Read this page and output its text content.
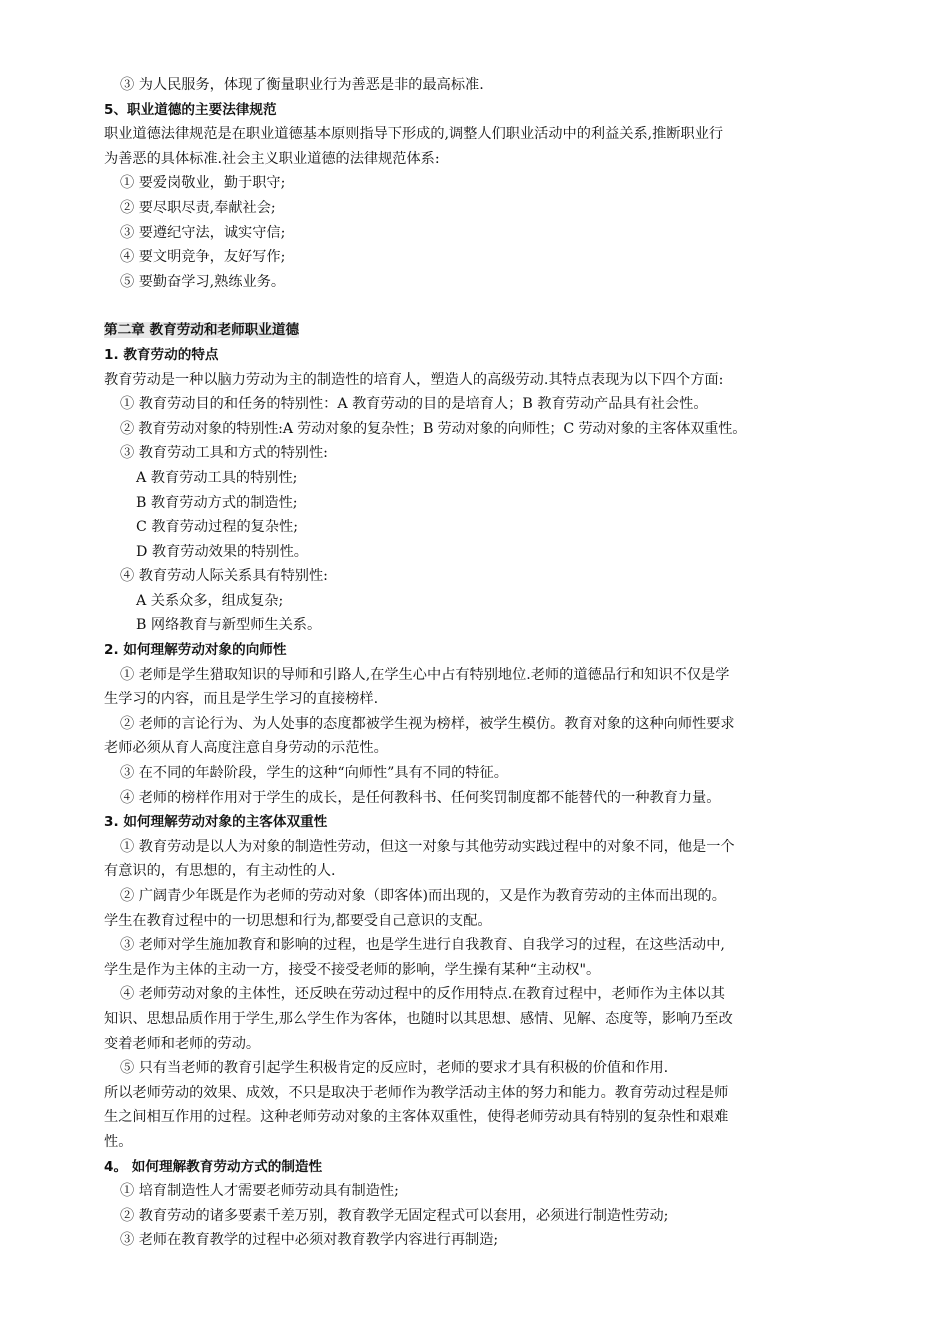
③ 为人民服务，体现了衡量职业行为善恶是非的最高标准.

5、职业道德的主要法律规范

职业道德法律规范是在职业道德基本原则指导下形成的,调整人们职业活动中的利益关系,推断职业行

为善恶的具体标准.社会主义职业道德的法律规范体系:

① 要爱岗敬业，勤于职守;

② 要尽职尽责,奉献社会;

③ 要遵纪守法，诚实守信;

④ 要文明竞争，友好写作;

⑤ 要勤奋学习,熟练业务。

第二章 教育劳动和老师职业道德

1. 教育劳动的特点

教育劳动是一种以脑力劳动为主的制造性的培育人，塑造人的高级劳动.其特点表现为以下四个方面:

① 教育劳动目的和任务的特别性：A 教育劳动的目的是培育人；B 教育劳动产品具有社会性。

② 教育劳动对象的特别性:A 劳动对象的复杂性；B 劳动对象的向师性；C 劳动对象的主客体双重性。

③ 教育劳动工具和方式的特别性:

A 教育劳动工具的特别性;

B 教育劳动方式的制造性;

C 教育劳动过程的复杂性;

D 教育劳动效果的特别性。

④ 教育劳动人际关系具有特别性:

A 关系众多，组成复杂;

B 网络教育与新型师生关系。

2. 如何理解劳动对象的向师性

① 老师是学生猎取知识的导师和引路人,在学生心中占有特别地位.老师的道德品行和知识不仅是学

生学习的内容，而且是学生学习的直接榜样.

② 老师的言论行为、为人处事的态度都被学生视为榜样，被学生模仿。教育对象的这种向师性要求

老师必须从育人高度注意自身劳动的示范性。

③ 在不同的年龄阶段，学生的这种“向师性”具有不同的特征。

④ 老师的榜样作用对于学生的成长，是任何教科书、任何奖罚制度都不能替代的一种教育力量。

3. 如何理解劳动对象的主客体双重性

① 教育劳动是以人为对象的制造性劳动，但这一对象与其他劳动实践过程中的对象不同，他是一个

有意识的，有思想的，有主动性的人.

② 广阔青少年既是作为老师的劳动对象（即客体)而出现的，又是作为教育劳动的主体而出现的。

学生在教育过程中的一切思想和行为,都要受自己意识的支配。

③ 老师对学生施加教育和影响的过程，也是学生进行自我教育、自我学习的过程，在这些活动中,

学生是作为主体的主动一方，接受不接受老师的影响，学生操有某种“主动权"。

④ 老师劳动对象的主体性，还反映在劳动过程中的反作用特点.在教育过程中，老师作为主体以其

知识、思想品质作用于学生,那么学生作为客体，也随时以其思想、感情、见解、态度等，影响乃至改

变着老师和老师的劳动。

⑤ 只有当老师的教育引起学生积极肯定的反应时，老师的要求才具有积极的价值和作用.

所以老师劳动的效果、成效，不只是取决于老师作为教学活动主体的努力和能力。教育劳动过程是师

生之间相互作用的过程。这种老师劳动对象的主客体双重性，使得老师劳动具有特别的复杂性和艰难

性。

4。 如何理解教育劳动方式的制造性

① 培育制造性人才需要老师劳动具有制造性;

② 教育劳动的诸多要素千差万别，教育教学无固定程式可以套用，必须进行制造性劳动;

③ 老师在教育教学的过程中必须对教育教学内容进行再制造;
